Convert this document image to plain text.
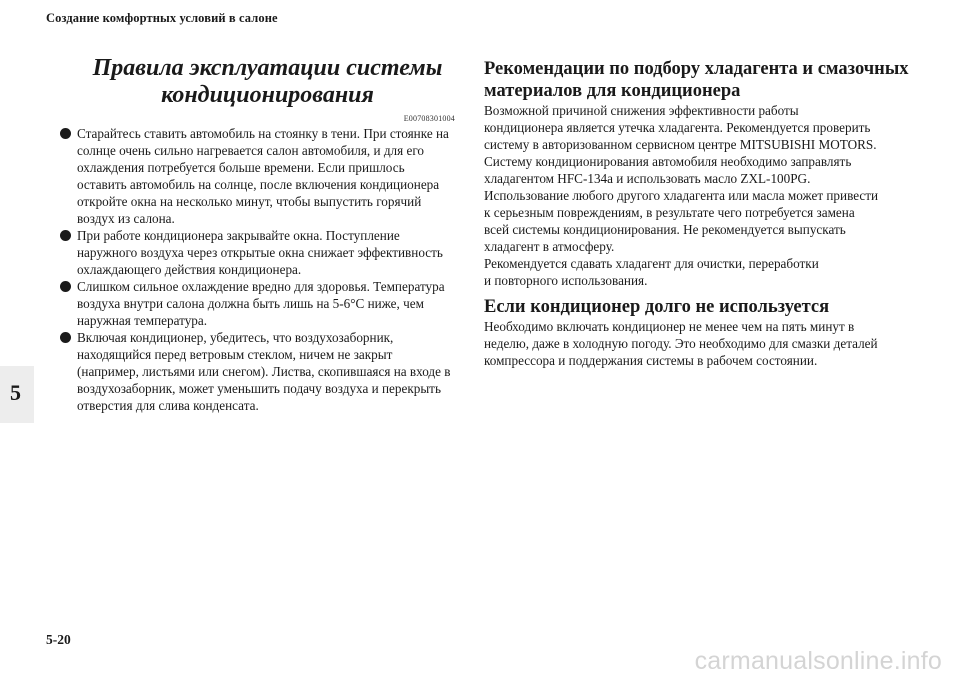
Создание комфортных условий в салоне
5
Правила эксплуатации системы кондиционирования
E00708301004
Старайтесь ставить автомобиль на стоянку в тени. При стоянке на солнце очень сильно нагревается салон автомобиля, и для его охлаждения потребуется больше времени. Если пришлось оставить автомобиль на солнце, после включения кондиционера откройте окна на несколько минут, чтобы выпустить горячий воздух из салона.
При работе кондиционера закрывайте окна. Поступление наружного воздуха через открытые окна снижает эффективность охлаждающего действия кондиционера.
Слишком сильное охлаждение вредно для здоровья. Температура воздуха внутри салона должна быть лишь на 5-6°C ниже, чем наружная температура.
Включая кондиционер, убедитесь, что воздухозаборник, находящийся перед ветровым стеклом, ничем не закрыт (например, листьями или снегом). Листва, скопившаяся на входе в воздухозаборник, может уменьшить подачу воздуха и перекрыть отверстия для слива конденсата.
Рекомендации по подбору хладагента и смазочных материалов для кондиционера
Возможной причиной снижения эффективности работы
кондиционера является утечка хладагента. Рекомендуется проверить
систему в авторизованном сервисном центре MITSUBISHI MOTORS.
Систему кондиционирования автомобиля необходимо заправлять
хладагентом HFC-134a и использовать масло ZXL-100PG.
Использование любого другого хладагента или масла может привести
к серьезным повреждениям, в результате чего потребуется замена
всей системы кондиционирования. Не рекомендуется выпускать
хладагент в атмосферу.
Рекомендуется сдавать хладагент для очистки, переработки
и повторного использования.
Если кондиционер долго не используется
Необходимо включать кондиционер не менее чем на пять минут в
неделю, даже в холодную погоду. Это необходимо для смазки деталей
компрессора и поддержания системы в рабочем состоянии.
5-20
carmanualsonline.info
